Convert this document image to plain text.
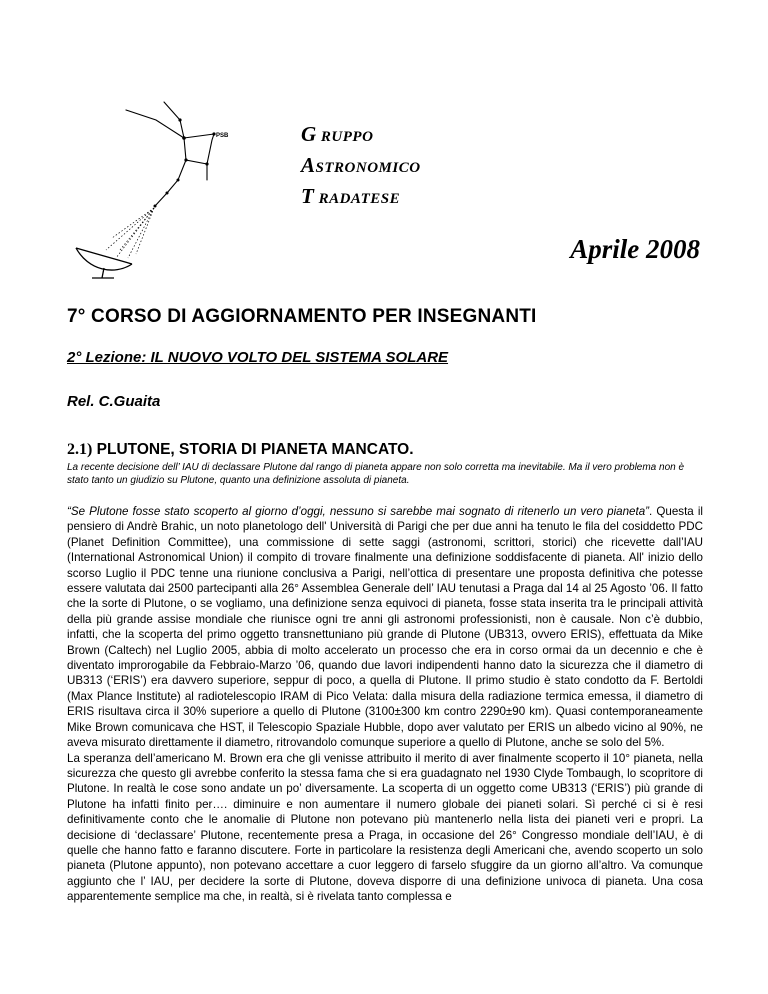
PSB	G RUPPO
ASTRONOMICO
T RADATESE
Aprile 2008
7° CORSO DI AGGIORNAMENTO PER INSEGNANTI
2° Lezione: IL NUOVO VOLTO DEL SISTEMA SOLARE
Rel. C.Guaita
2.1) PLUTONE, STORIA DI PIANETA MANCATO.
La recente decisione dell’ IAU di declassare Plutone dal rango di pianeta appare non solo corretta ma inevitabile. Ma il vero problema non è stato tanto un giudizio su Plutone, quanto una definizione assoluta di pianeta.

“Se Plutone fosse stato scoperto al giorno d’oggi, nessuno si sarebbe mai sognato di ritenerlo un vero pianeta”. Questa il pensiero di Andrè Brahic, un noto planetologo dell' Università di Parigi che per due anni ha tenuto le fila del cosiddetto PDC (Planet Definition Committee), una commissione di sette saggi (astronomi, scrittori, storici) che ricevette dall’IAU (International Astronomical Union) il compito di trovare finalmente una definizione soddisfacente di pianeta. All' inizio dello scorso Luglio il PDC tenne una riunione conclusiva a Parigi, nell’ottica di presentare une proposta definitiva che potesse essere valutata dai 2500 partecipanti alla 26° Assemblea Generale dell’ IAU tenutasi a Praga dal 14 al 25 Agosto ’06. Il fatto che la sorte di Plutone, o se vogliamo, una definizione senza equivoci di pianeta, fosse stata inserita tra le principali attività della più grande assise mondiale che riunisce ogni tre anni gli astronomi professionisti, non è causale. Non c’è dubbio, infatti, che la scoperta del primo oggetto transnettuniano più grande di Plutone (UB313, ovvero ERIS), effettuata da Mike Brown (Caltech) nel Luglio 2005, abbia di molto accelerato un processo che era in corso ormai da un decennio e che è diventato improrogabile da Febbraio-Marzo ’06, quando due lavori indipendenti hanno dato la sicurezza che il diametro di UB313 (‘ERIS’) era davvero superiore, seppur di poco, a quella di Plutone. Il primo studio è stato condotto da F. Bertoldi (Max Plance Institute) al radiotelescopio IRAM di Pico Velata: dalla misura della radiazione termica emessa, il diametro di ERIS risultava circa il 30% superiore a quello di Plutone (3100±300 km contro 2290±90 km). Quasi contemporaneamente Mike Brown comunicava che HST, il Telescopio Spaziale Hubble, dopo aver valutato per ERIS un albedo vicino al 90%, ne aveva misurato direttamente il diametro, ritrovandolo comunque superiore a quello di Plutone, anche se solo del 5%.

La speranza dell’americano M. Brown era che gli venisse attribuito il merito di aver finalmente scoperto il 10° pianeta, nella sicurezza che questo gli avrebbe conferito la stessa fama che si era guadagnato nel 1930 Clyde Tombaugh, lo scopritore di Plutone. In realtà le cose sono andate un po’ diversamente. La scoperta di un oggetto come UB313 (‘ERIS’) più grande di Plutone ha infatti finito per…. diminuire e non aumentare il numero globale dei pianeti solari. Sì perché ci si è resi definitivamente conto che le anomalie di Plutone non potevano più mantenerlo nella lista dei pianeti veri e propri. La decisione di ‘declassare’ Plutone, recentemente presa a Praga, in occasione del 26° Congresso mondiale dell’IAU, è di quelle che hanno fatto e faranno discutere. Forte in particolare la resistenza degli Americani che, avendo scoperto un solo pianeta (Plutone appunto), non potevano accettare a cuor leggero di farselo sfuggire da un giorno all’altro. Va comunque aggiunto che l’ IAU, per decidere la sorte di Plutone, doveva disporre di una definizione univoca di pianeta. Una cosa apparentemente semplice ma che, in realtà, si è rivelata tanto complessa e
